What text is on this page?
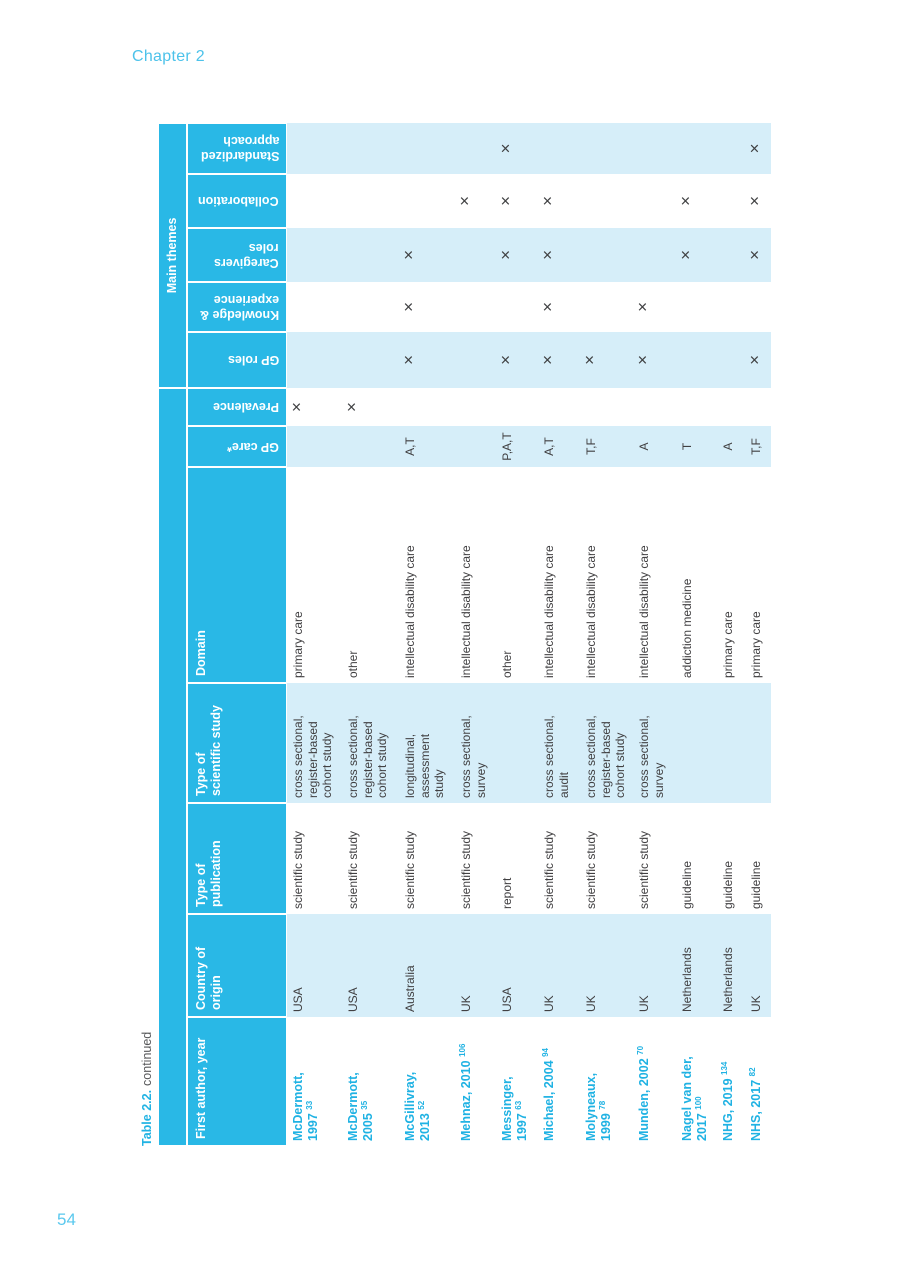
Chapter 2
Table 2.2.continued
							Main themes				
First author, year	Country of
origin	Type of
publication	Type of
scientific study	Domain	GP care*	Prevalence	GP roles	Knowledge &
experience	Caregivers
roles	Collaboration	Standardized
approach

McDermott,
1997 $^{33}$	USA	scientific study	cross sectional,
register-based
cohort study	primary care		×					
McDermott,
2005 $^{35}$	USA	scientific study	cross sectional,
register-based
cohort study	other		×					
McGillivray,
2013 $^{52}$	Australia	scientific study	longitudinal,
assessment
study	intellectual disability care	A,T		×	×	×		
Mehnaz, 2010 $^{106}$	UK	scientific study	cross sectional,
survey	intellectual disability care						×	
Messinger,
1997 $^{63}$	USA	report		other	P,A,T		×		×	×	×
Michael, 2004 $^{94}$	UK	scientific study	cross sectional,
audit	intellectual disability care	A,T		×	×	×	×	
Molyneaux,
1999 $^{78}$	UK	scientific study	cross sectional,
register-based
cohort study	intellectual disability care	T,F		×				
Munden, 2002 $^{70}$	UK	scientific study	cross sectional,
survey	intellectual disability care	A		×	×			
Nagel van der,
2017 $^{100}$	Netherlands	guideline		addiction medicine	T				×	×	
NHG, 2019 $^{134}$	Netherlands	guideline		primary care	A						
NHS, 2017 $^{82}$	UK	guideline		primary care	T,F		×		×	×	×
54
